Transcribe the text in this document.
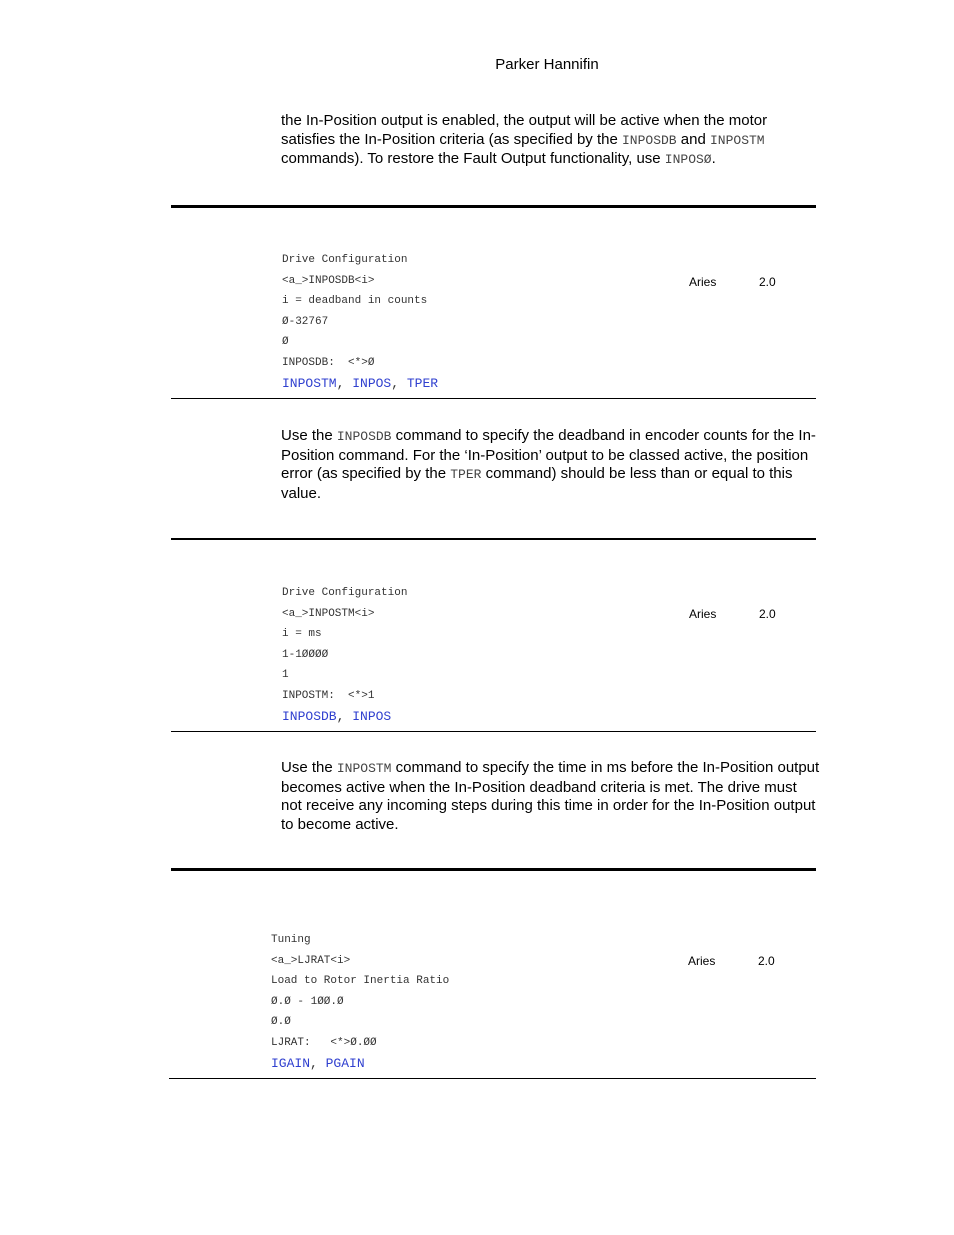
Parker Hannifin
the In-Position output is enabled, the output will be active when the motor satisfies the In-Position criteria (as specified by the INPOSDB and INPOSTM commands). To restore the Fault Output functionality, use INPOSØ.
Drive Configuration
<a_>INPOSDB<i>
i = deadband in counts
Ø-32767
Ø
INPOSDB:  <*>Ø
INPOSTM, INPOS, TPER
Aries	2.0
Use the INPOSDB command to specify the deadband in encoder counts for the In-Position command. For the ‘In-Position’ output to be classed active, the position error (as specified by the TPER command) should be less than or equal to this value.
Drive Configuration
<a_>INPOSTM<i>
i = ms
1-1ØØØØ
1
INPOSTM:  <*>1
INPOSDB, INPOS
Aries	2.0
Use the INPOSTM command to specify the time in ms before the In-Position output becomes active when the In-Position deadband criteria is met. The drive must not receive any incoming steps during this time in order for the In-Position output to become active.
Tuning
<a_>LJRAT<i>
Load to Rotor Inertia Ratio
Ø.Ø - 1ØØ.Ø
Ø.Ø
LJRAT:   <*>Ø.ØØ
IGAIN, PGAIN
Aries	2.0
